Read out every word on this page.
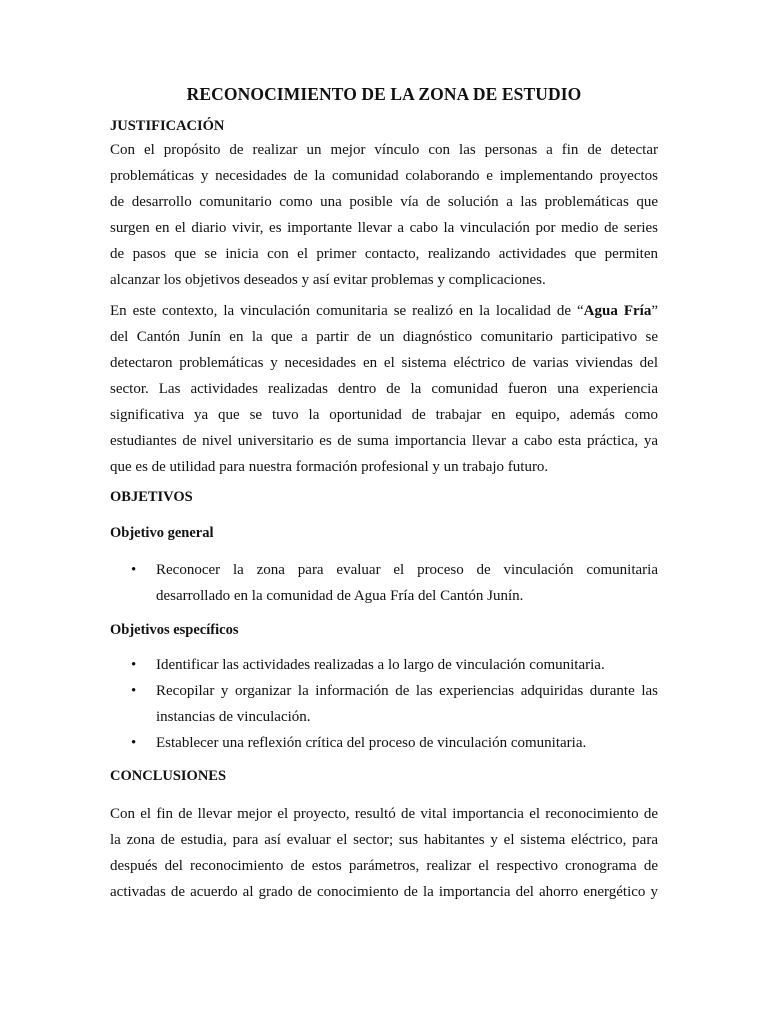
RECONOCIMIENTO DE LA ZONA DE ESTUDIO
JUSTIFICACIÓN
Con el propósito de realizar un mejor vínculo con las personas a fin de detectar
problemáticas y necesidades de la comunidad colaborando e implementando proyectos
de desarrollo comunitario como una posible vía de solución a las problemáticas que
surgen en el diario vivir, es importante llevar a cabo la vinculación por medio de series
de pasos que se inicia con el primer contacto, realizando actividades que permiten
alcanzar los objetivos deseados y así evitar problemas y complicaciones.
En este contexto, la vinculación comunitaria se realizó en la localidad de “Agua Fría”
del Cantón Junín en la que a partir de un diagnóstico comunitario participativo se
detectaron problemáticas y necesidades en el sistema eléctrico de varias viviendas del
sector. Las actividades realizadas dentro de la comunidad fueron una experiencia
significativa ya que se tuvo la oportunidad de trabajar en equipo, además como
estudiantes de nivel universitario es de suma importancia llevar a cabo esta práctica, ya
que es de utilidad para nuestra formación profesional y un trabajo futuro.
OBJETIVOS
Objetivo general
• Reconocer la zona para evaluar el proceso de vinculación comunitaria
desarrollado en la comunidad de Agua Fría del Cantón Junín.
Objetivos específicos
• Identificar las actividades realizadas a lo largo de vinculación comunitaria.
• Recopilar y organizar la información de las experiencias adquiridas durante las
instancias de vinculación.
• Establecer una reflexión crítica del proceso de vinculación comunitaria.
CONCLUSIONES
Con el fin de llevar mejor el proyecto, resultó de vital importancia el reconocimiento de
la zona de estudia, para así evaluar el sector; sus habitantes y el sistema eléctrico, para
después del reconocimiento de estos parámetros, realizar el respectivo cronograma de
activadas de acuerdo al grado de conocimiento de la importancia del ahorro energético y
